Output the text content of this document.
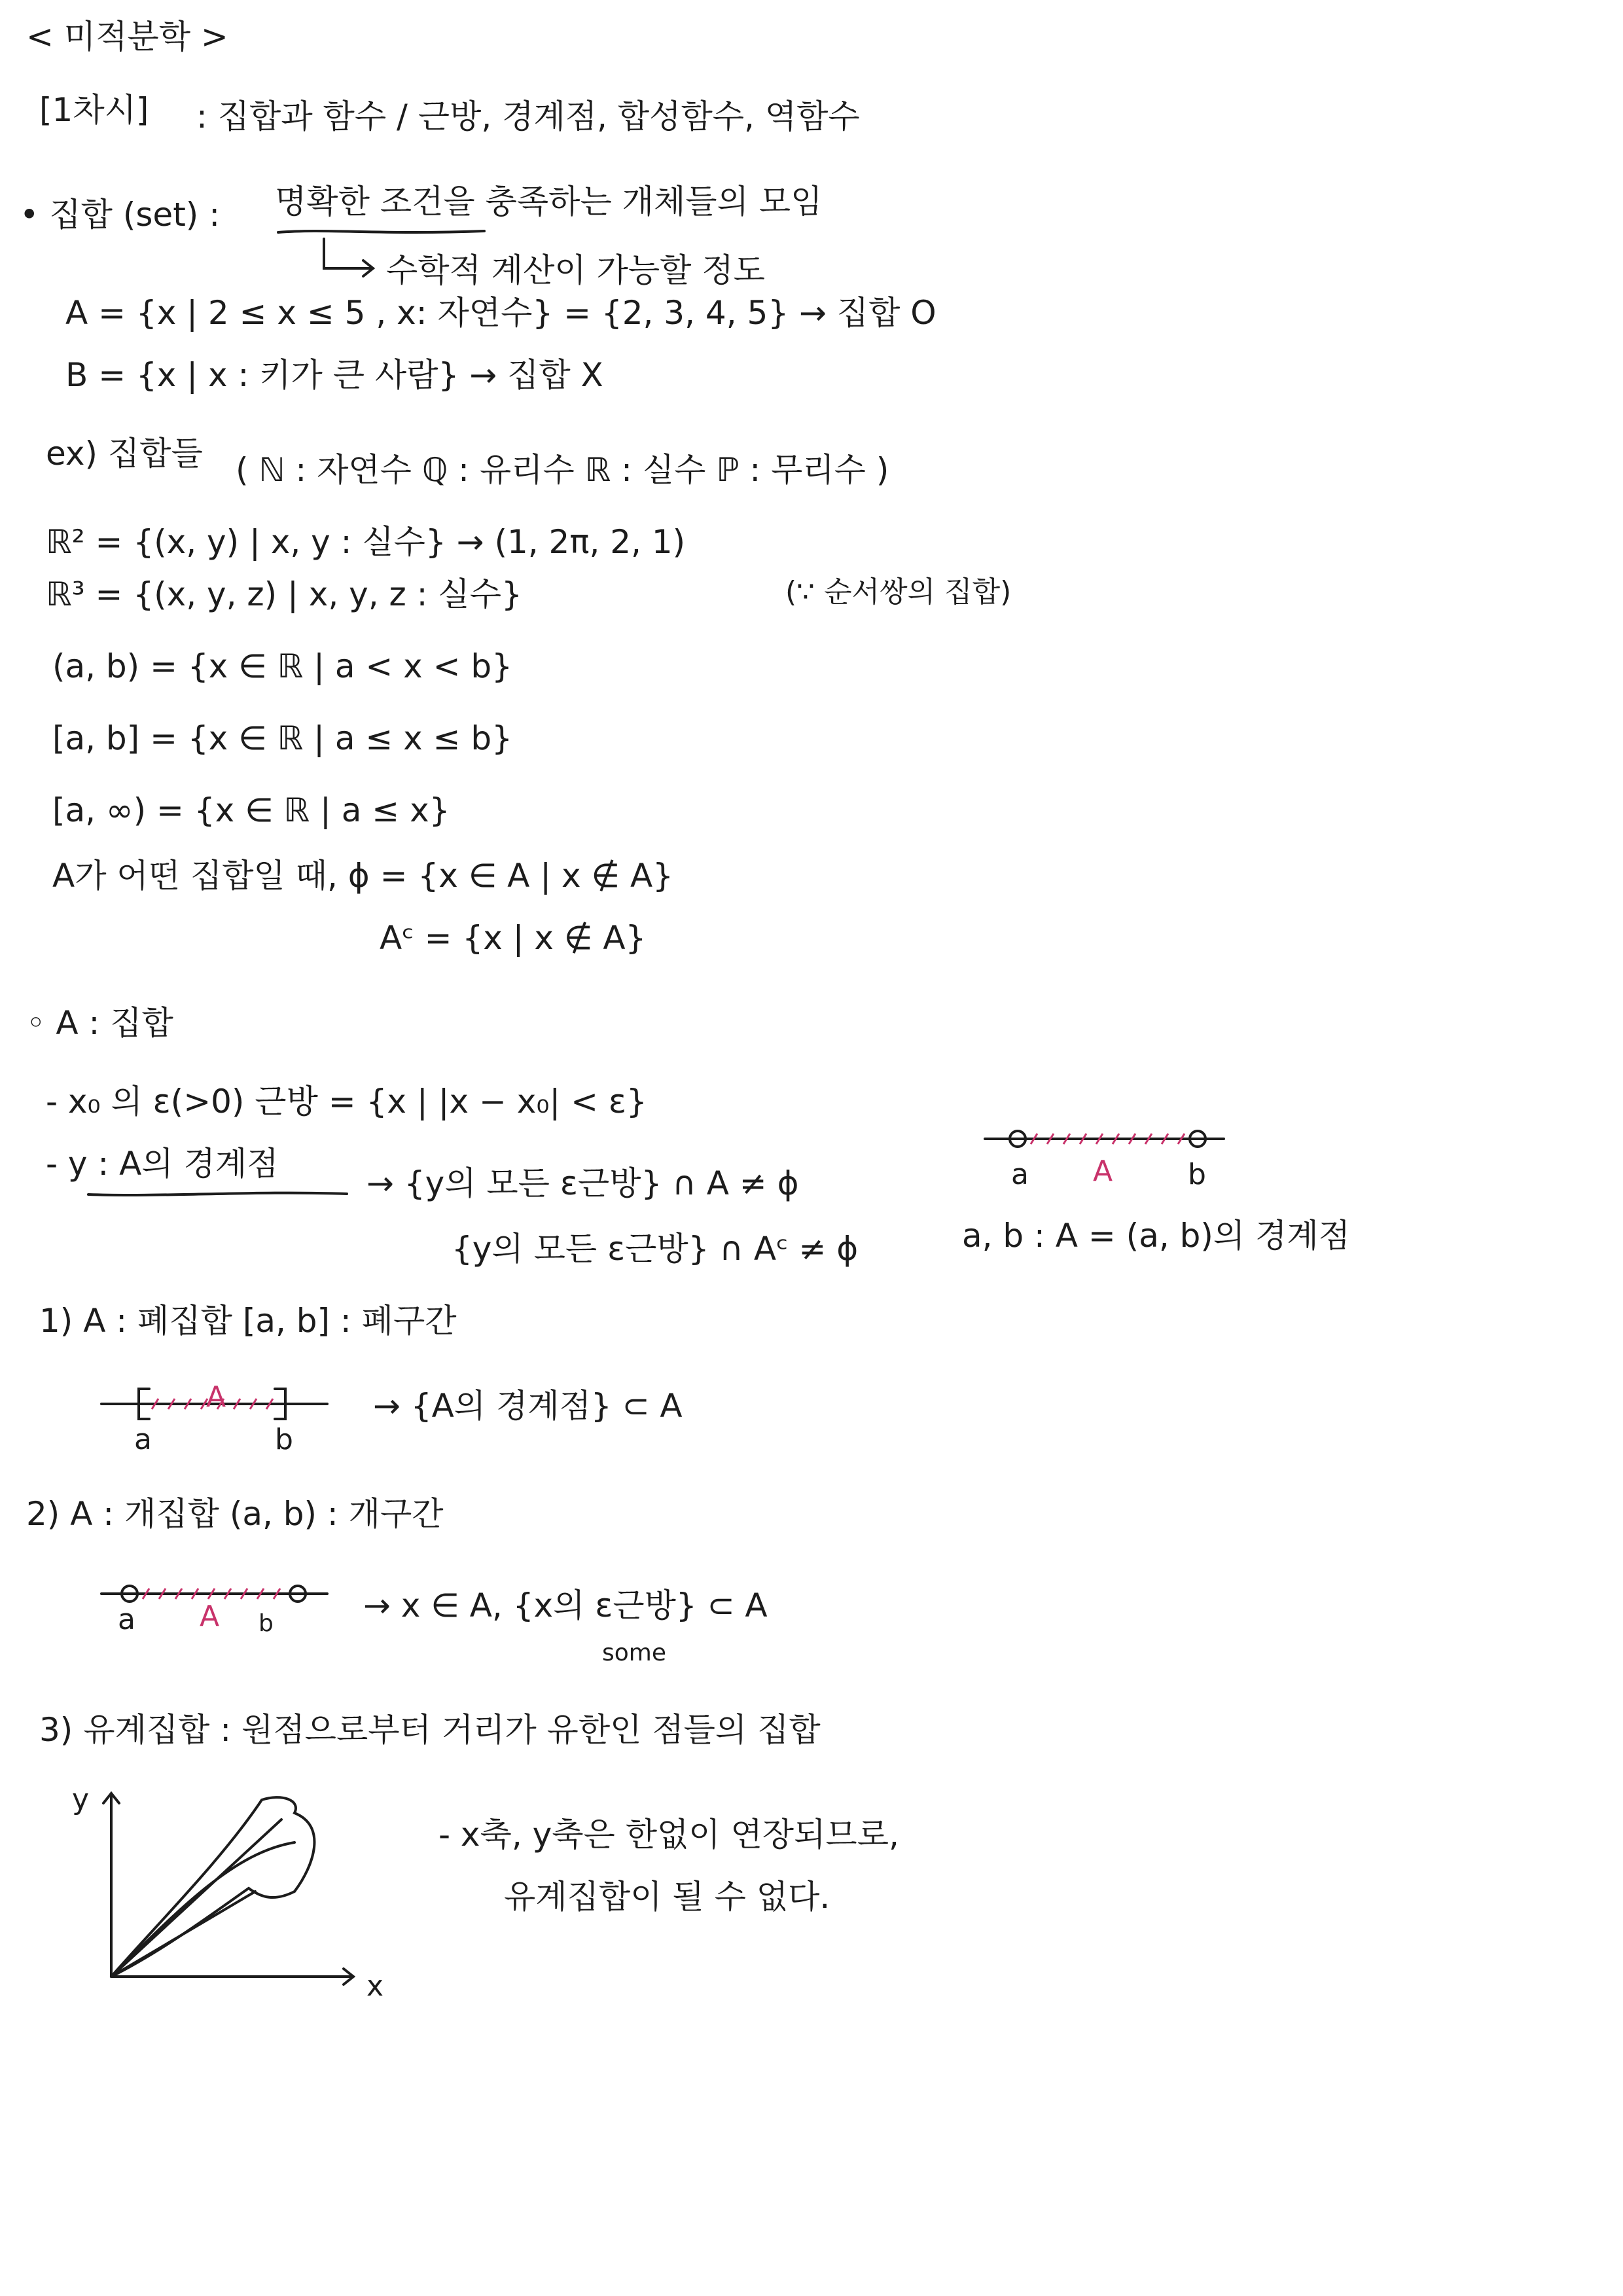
< 미적분학 >
[1차시] : 집합과 함수 / 근방, 경계점, 합성함수, 역함수
• 집합 (set) : 명확한 조건을 충족하는 개체들의 모임
수학적 계산이 가능할 정도
A = {x | 2 ≤ x ≤ 5 , x: 자연수} = {2, 3, 4, 5} → 집합 O
B = {x | x : 키가 큰 사람} → 집합 X
ex) 집합들 ( ℕ : 자연수 ℚ : 유리수 ℝ : 실수 ℙ : 무리수 )
ℝ² = {(x, y) | x, y : 실수} → (1, 2π, 2, 1)
(∵ 순서쌍의 집합)
ℝ³ = {(x, y, z) | x, y, z : 실수}
(a, b) = {x ∈ ℝ | a < x < b}
[a, b] = {x ∈ ℝ | a ≤ x ≤ b}
[a, ∞) = {x ∈ ℝ | a ≤ x}
A가 어떤 집합일 때, ϕ = {x ∈ A | x ∉ A}
Aᶜ = {x | x ∉ A}
◦ A : 집합
- x₀ 의 ε(>0) 근방 = {x | |x − x₀| < ε}
- y : A의 경계점
→ {y의 모든 ε근방} ∩ A ≠ ϕ
{y의 모든 ε근방} ∩ Aᶜ ≠ ϕ
a A	b
a, b : A = (a, b)의 경계점
1) A : 폐집합 [a, b] : 폐구간
A
a	b
→ {A의 경계점} ⊂ A
2) A : 개집합 (a, b) : 개구간
a A b	→ x ∈ A, {x의 ε근방} ⊂ A
some
3) 유계집합 : 원점으로부터 거리가 유한인 점들의 집합
y
x
- x축, y축은 한없이 연장되므로,
유계집합이 될 수 없다.
